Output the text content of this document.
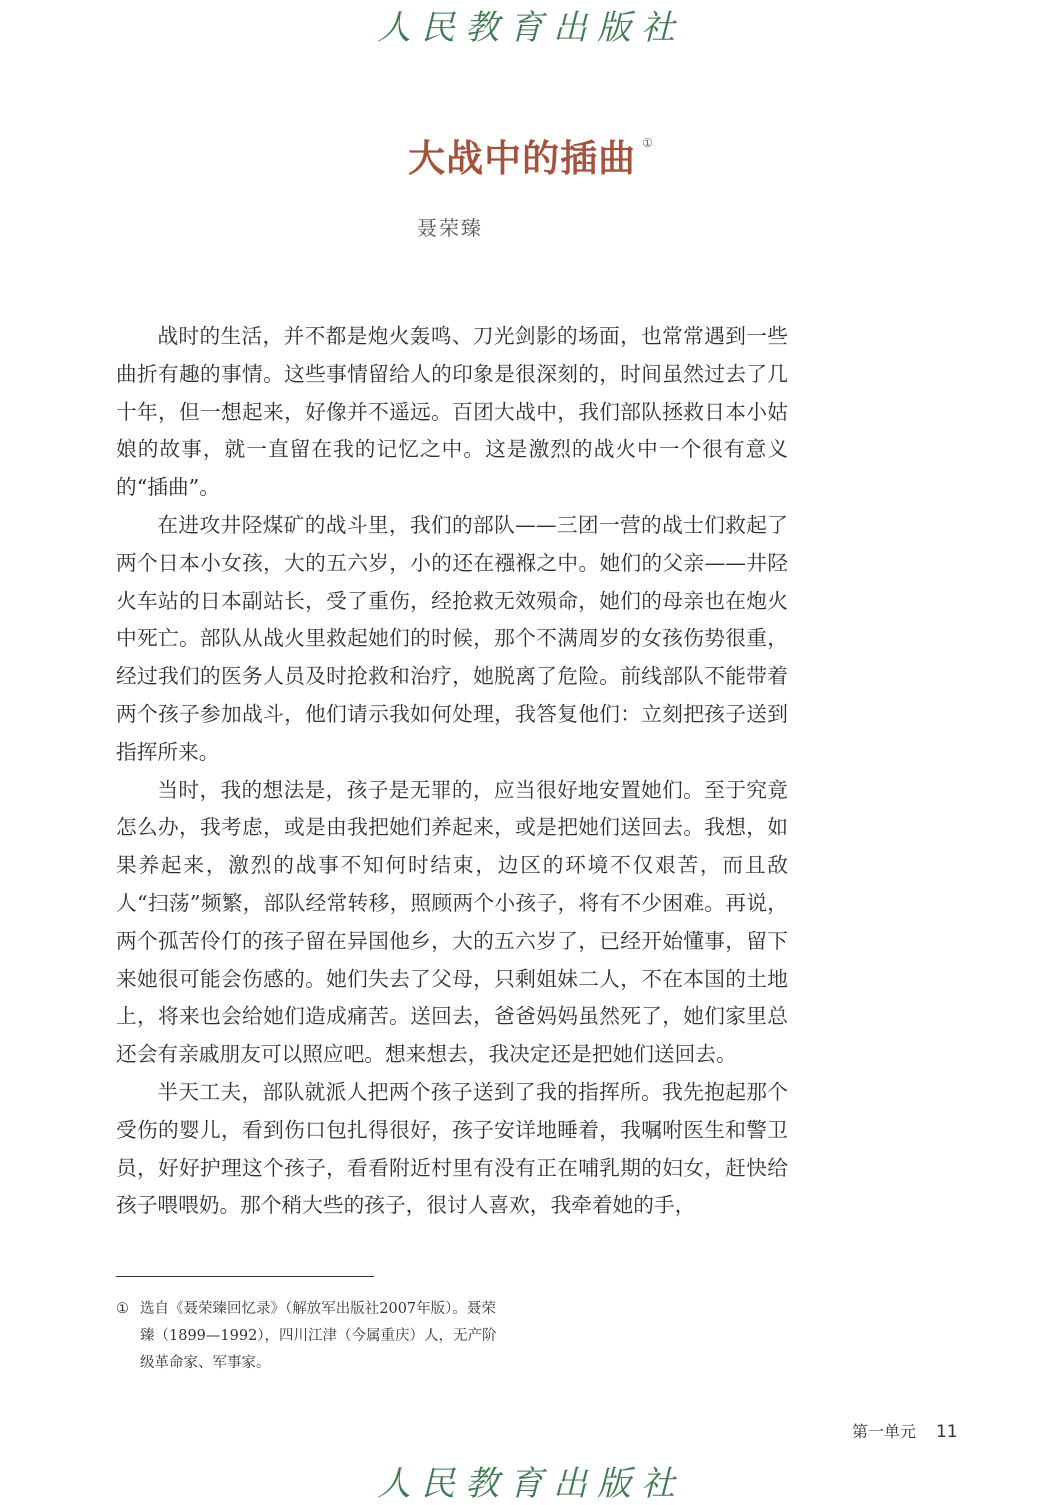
人民教育出版社
大战中的插曲 ①
聂荣臻

战时的生活，并不都是炮火轰鸣、刀光剑影的场面，也常常遇到一些曲折有趣的事情。这些事情留给人的印象是很深刻的，时间虽然过去了几十年，但一想起来，好像并不遥远。百团大战中，我们部队拯救日本小姑娘的故事，就一直留在我的记忆之中。这是激烈的战火中一个很有意义的“插曲”。

在进攻井陉煤矿的战斗里，我们的部队——三团一营的战士们救起了两个日本小女孩，大的五六岁，小的还在襁褓之中。她们的父亲——井陉火车站的日本副站长，受了重伤，经抢救无效殒命，她们的母亲也在炮火中死亡。部队从战火里救起她们的时候，那个不满周岁的女孩伤势很重，经过我们的医务人员及时抢救和治疗，她脱离了危险。前线部队不能带着两个孩子参加战斗，他们请示我如何处理，我答复他们：立刻把孩子送到指挥所来。

当时，我的想法是，孩子是无罪的，应当很好地安置她们。至于究竟怎么办，我考虑，或是由我把她们养起来，或是把她们送回去。我想，如果养起来，激烈的战事不知何时结束，边区的环境不仅艰苦，而且敌人“扫荡”频繁，部队经常转移，照顾两个小孩子，将有不少困难。再说，两个孤苦伶仃的孩子留在异国他乡，大的五六岁了，已经开始懂事，留下来她很可能会伤感的。她们失去了父母，只剩姐妹二人，不在本国的土地上，将来也会给她们造成痛苦。送回去，爸爸妈妈虽然死了，她们家里总还会有亲戚朋友可以照应吧。想来想去，我决定还是把她们送回去。

半天工夫，部队就派人把两个孩子送到了我的指挥所。我先抱起那个受伤的婴儿，看到伤口包扎得很好，孩子安详地睡着，我嘱咐医生和警卫员，好好护理这个孩子，看看附近村里有没有正在哺乳期的妇女，赶快给孩子喂喂奶。那个稍大些的孩子，很讨人喜欢，我牵着她的手，

① 选自《聂荣臻回忆录》（解放军出版社2007年版）。聂荣臻（1899—1992），四川江津（今属重庆）人，无产阶级革命家、军事家。
第一单元 11
人民教育出版社
